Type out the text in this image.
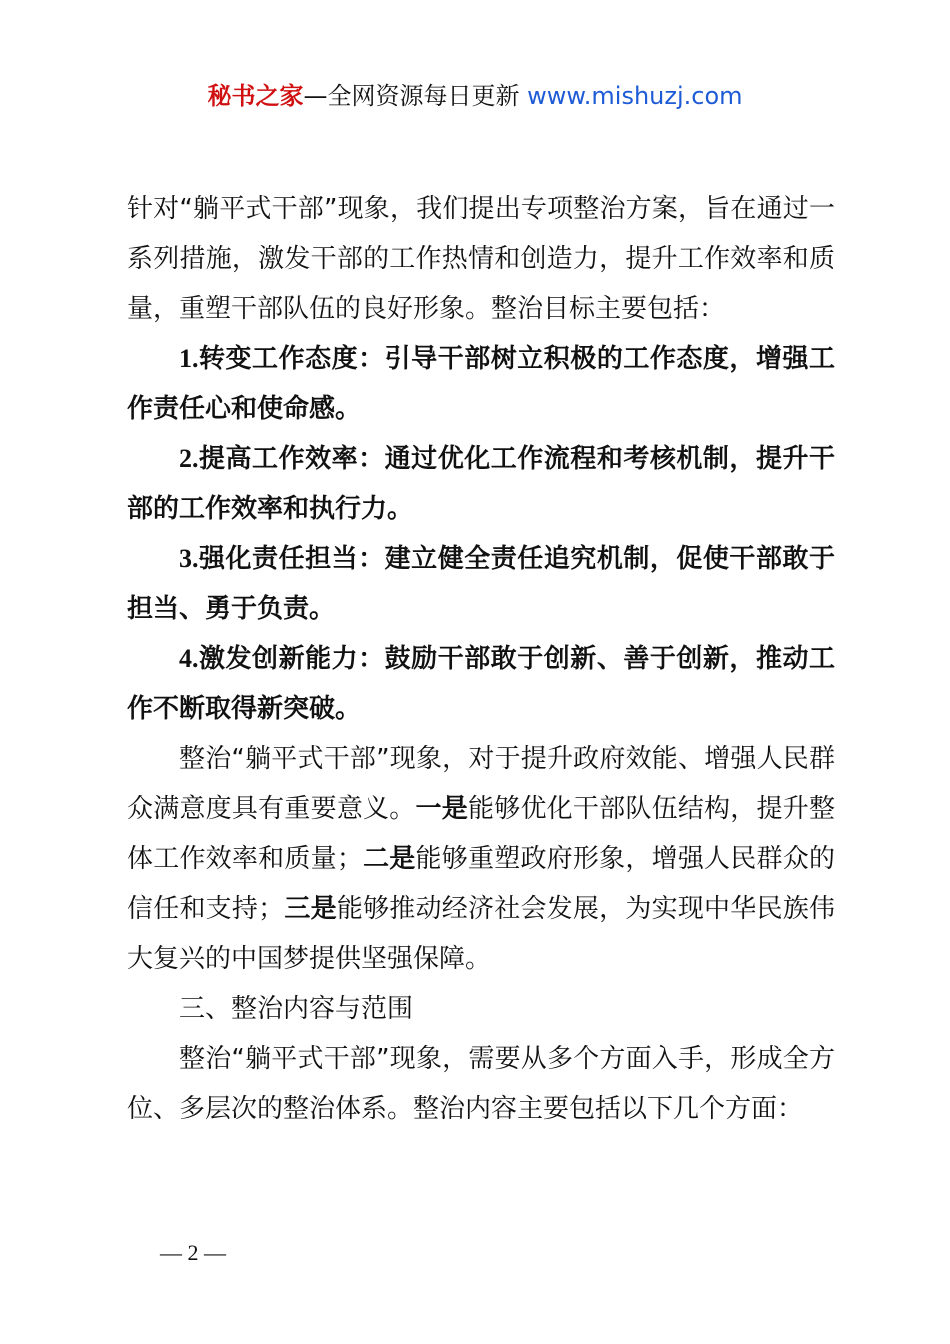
秘书之家—全网资源每日更新 www.mishuzj.com

针对“躺平式干部”现象，我们提出专项整治方案，旨在通过一系列措施，激发干部的工作热情和创造力，提升工作效率和质量，重塑干部队伍的良好形象。整治目标主要包括：

1.转变工作态度：引导干部树立积极的工作态度，增强工作责任心和使命感。

2.提高工作效率：通过优化工作流程和考核机制，提升干部的工作效率和执行力。

3.强化责任担当：建立健全责任追究机制，促使干部敢于担当、勇于负责。

4.激发创新能力：鼓励干部敢于创新、善于创新，推动工作不断取得新突破。

整治“躺平式干部”现象，对于提升政府效能、增强人民群众满意度具有重要意义。一是能够优化干部队伍结构，提升整体工作效率和质量；二是能够重塑政府形象，增强人民群众的信任和支持；三是能够推动经济社会发展，为实现中华民族伟大复兴的中国梦提供坚强保障。

三、整治内容与范围

整治“躺平式干部”现象，需要从多个方面入手，形成全方位、多层次的整治体系。整治内容主要包括以下几个方面：

— 2 —
